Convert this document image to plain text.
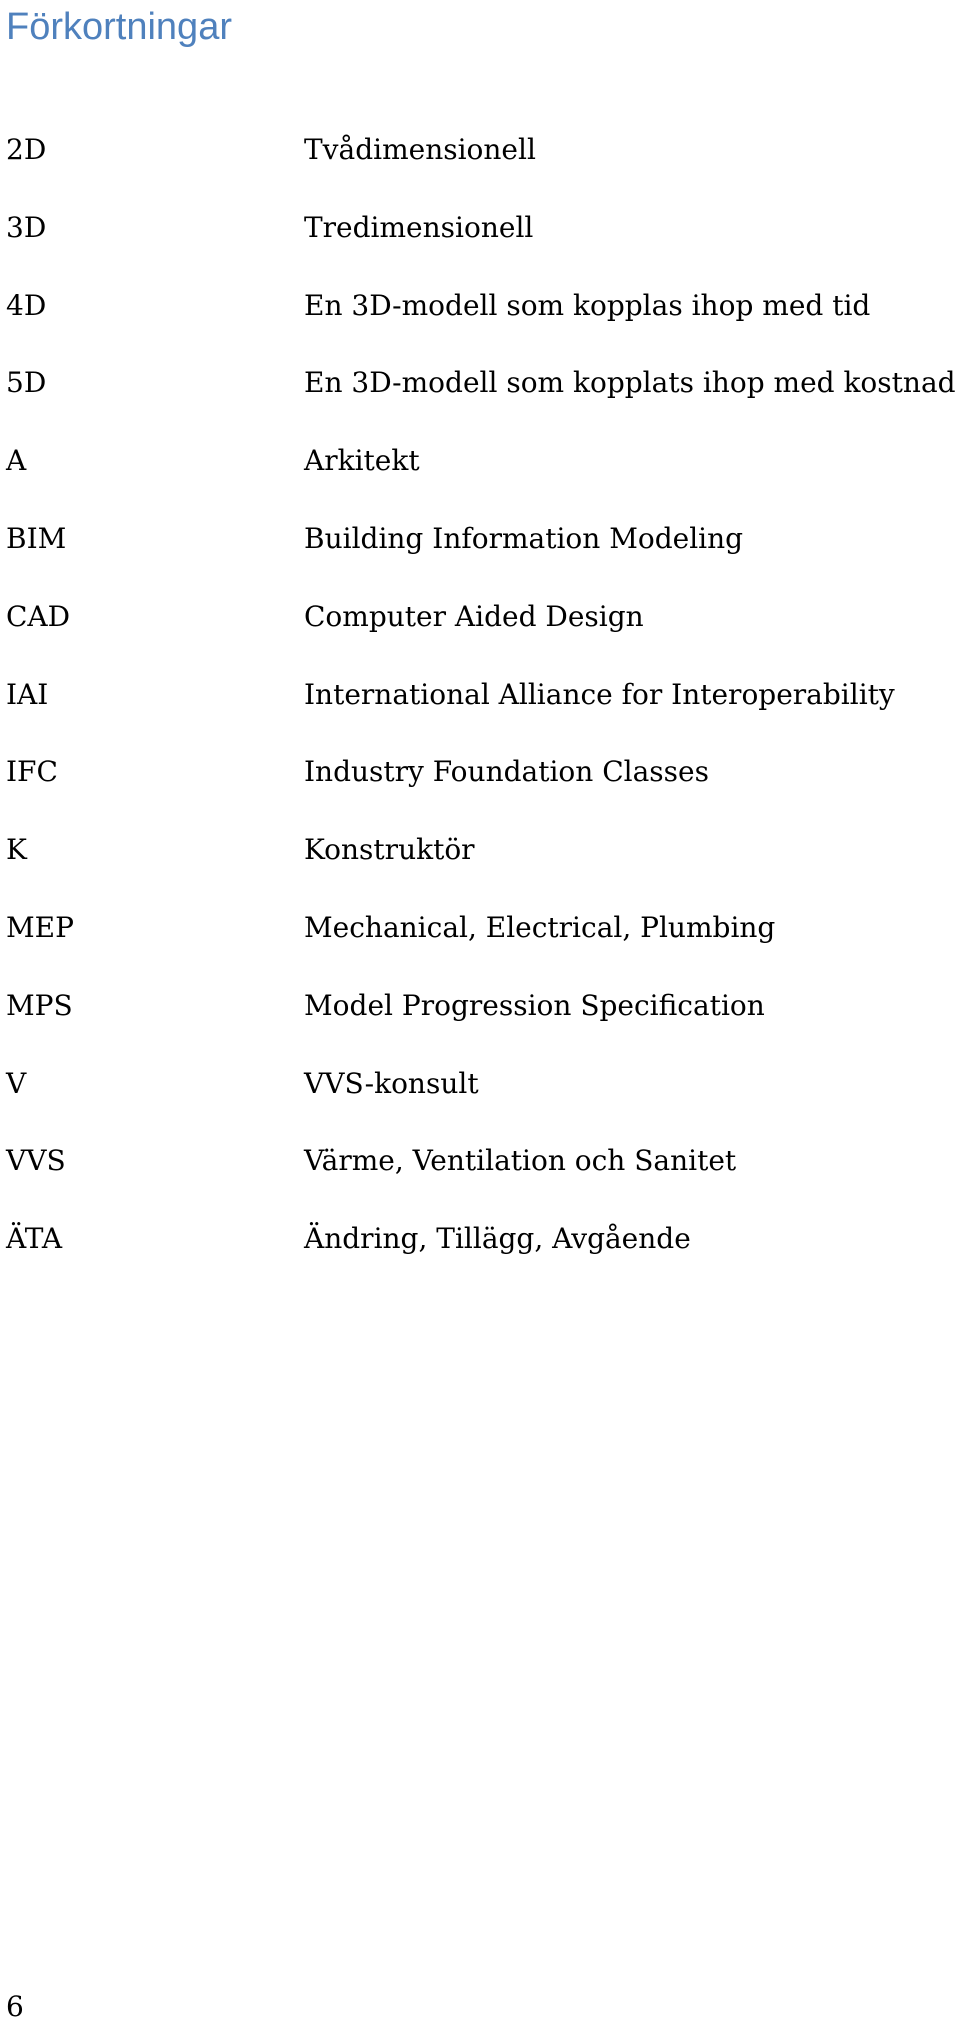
Förkortningar
2D	Tvådimensionell
3D	Tredimensionell
4D	En 3D-modell som kopplas ihop med tid
5D	En 3D-modell som kopplats ihop med kostnad
A	Arkitekt
BIM	Building Information Modeling
CAD	Computer Aided Design
IAI	International Alliance for Interoperability
IFC	Industry Foundation Classes
K	Konstruktör
MEP	Mechanical, Electrical, Plumbing
MPS	Model Progression Specification
V	VVS-konsult
VVS	Värme, Ventilation och Sanitet
ÄTA	Ändring, Tillägg, Avgående
6
